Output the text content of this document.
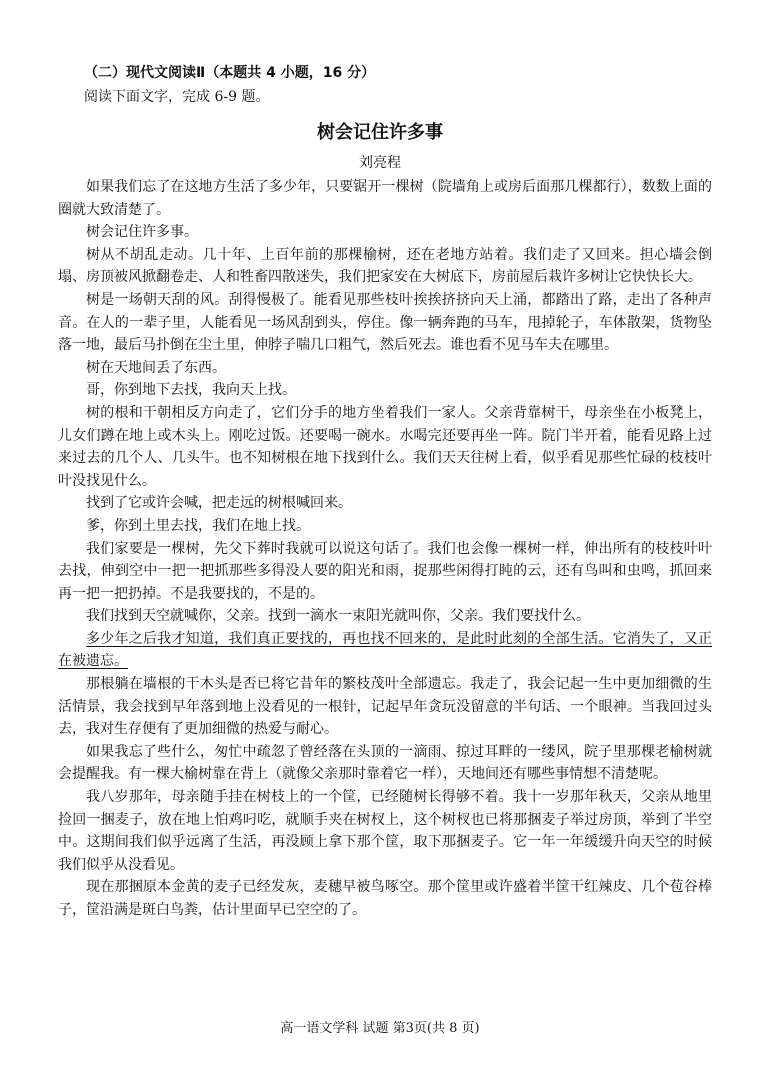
（二）现代文阅读Ⅱ（本题共 4 小题，16 分）
阅读下面文字，完成 6-9 题。
树会记住许多事
刘亮程

如果我们忘了在这地方生活了多少年，只要锯开一棵树（院墙角上或房后面那几棵都行），数数上面的圈就大致清楚了。

树会记住许多事。

树从不胡乱走动。几十年、上百年前的那棵榆树，还在老地方站着。我们走了又回来。担心墙会倒塌、房顶被风掀翻卷走、人和牲畜四散迷失，我们把家安在大树底下，房前屋后栽许多树让它快快长大。

树是一场朝天刮的风。刮得慢极了。能看见那些枝叶挨挨挤挤向天上涌，都踏出了路，走出了各种声音。在人的一辈子里，人能看见一场风刮到头，停住。像一辆奔跑的马车，甩掉轮子，车体散架，货物坠落一地，最后马扑倒在尘土里，伸脖子喘几口粗气，然后死去。谁也看不见马车夫在哪里。

树在天地间丢了东西。

哥，你到地下去找，我向天上找。

树的根和干朝相反方向走了，它们分手的地方坐着我们一家人。父亲背靠树干，母亲坐在小板凳上，儿女们蹲在地上或木头上。刚吃过饭。还要喝一碗水。水喝完还要再坐一阵。院门半开着，能看见路上过来过去的几个人、几头牛。也不知树根在地下找到什么。我们天天往树上看，似乎看见那些忙碌的枝枝叶叶没找见什么。

找到了它或许会喊，把走远的树根喊回来。

爹，你到土里去找，我们在地上找。

我们家要是一棵树，先父下葬时我就可以说这句话了。我们也会像一棵树一样，伸出所有的枝枝叶叶去找，伸到空中一把一把抓那些多得没人要的阳光和雨，捉那些闲得打盹的云，还有鸟叫和虫鸣，抓回来再一把一把扔掉。不是我要找的，不是的。

我们找到天空就喊你，父亲。找到一滴水一束阳光就叫你，父亲。我们要找什么。

多少年之后我才知道，我们真正要找的，再也找不回来的，是此时此刻的全部生活。它消失了，又正在被遗忘。

那根躺在墙根的干木头是否已将它昔年的繁枝茂叶全部遗忘。我走了，我会记起一生中更加细微的生活情景，我会找到早年落到地上没看见的一根针，记起早年贪玩没留意的半句话、一个眼神。当我回过头去，我对生存便有了更加细微的热爱与耐心。

如果我忘了些什么，匆忙中疏忽了曾经落在头顶的一滴雨、掠过耳畔的一缕风，院子里那棵老榆树就会提醒我。有一棵大榆树靠在背上（就像父亲那时靠着它一样），天地间还有哪些事情想不清楚呢。

我八岁那年，母亲随手挂在树枝上的一个筐，已经随树长得够不着。我十一岁那年秋天，父亲从地里捡回一捆麦子，放在地上怕鸡叼吃，就顺手夹在树杈上，这个树杈也已将那捆麦子举过房顶，举到了半空中。这期间我们似乎远离了生活，再没顾上拿下那个筐，取下那捆麦子。它一年一年缓缓升向天空的时候我们似乎从没看见。

现在那捆原本金黄的麦子已经发灰，麦穗早被鸟啄空。那个筐里或许盛着半筐干红辣皮、几个苞谷棒子，筐沿满是斑白鸟粪，估计里面早已空空的了。

高一语文学科 试题 第3页(共 8 页)
